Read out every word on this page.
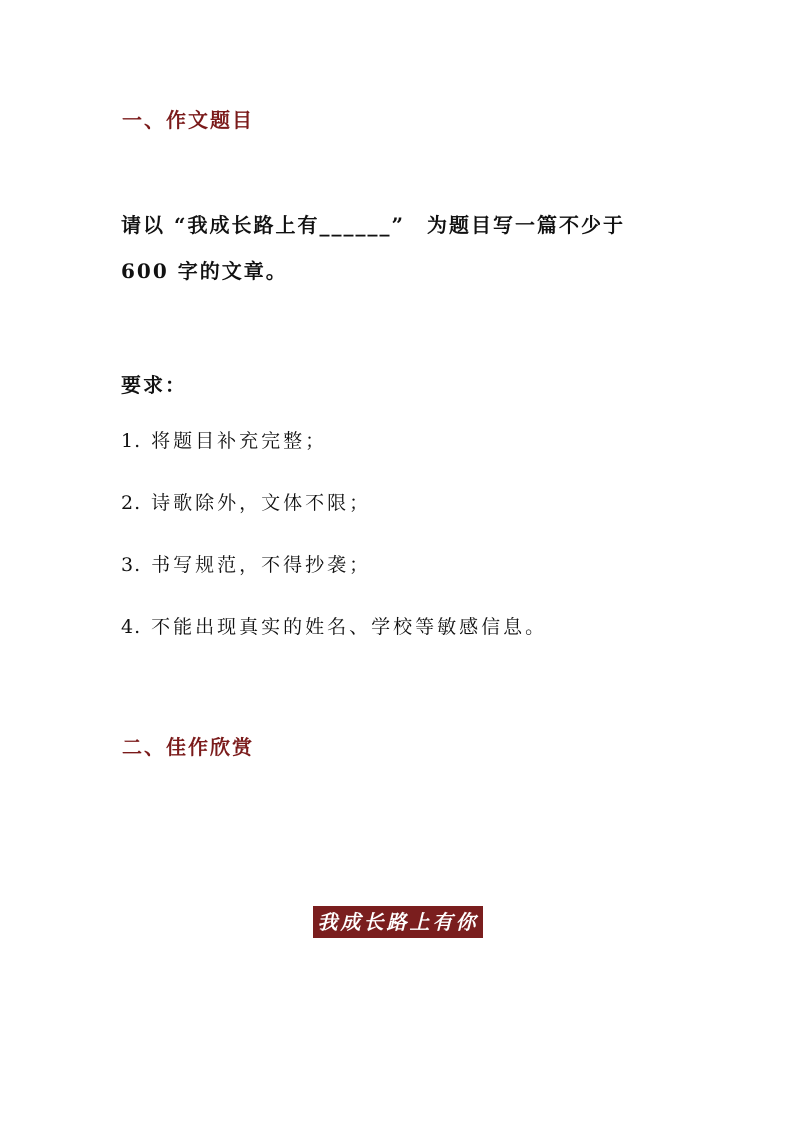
一、作文题目
请以 “我成长路上有______” 为题目写一篇不少于
600 字的文章。
要求：
1. 将题目补充完整；
2. 诗歌除外，文体不限；
3. 书写规范，不得抄袭；
4. 不能出现真实的姓名、学校等敏感信息。
二、佳作欣赏
我成长路上有你
